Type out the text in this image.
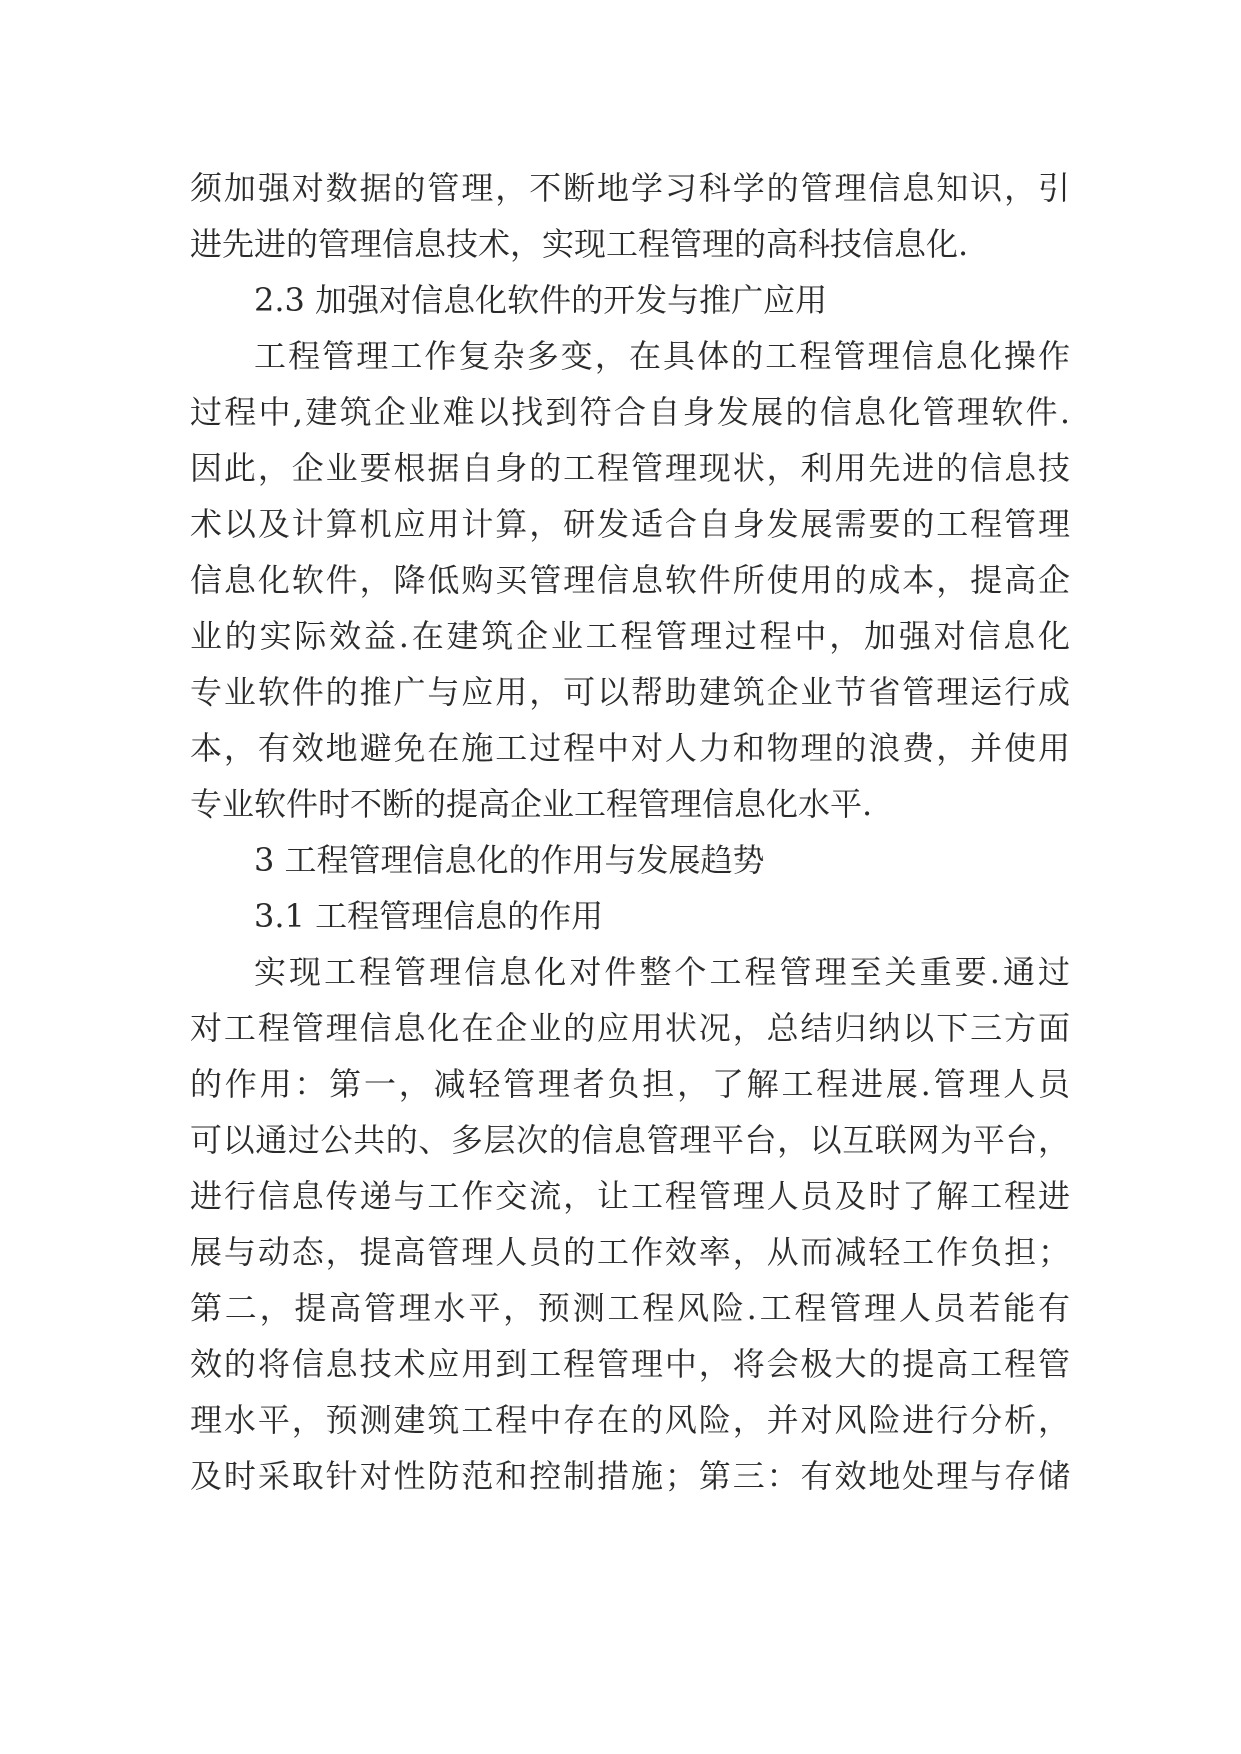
须加强对数据的管理，不断地学习科学的管理信息知识，引
进先进的管理信息技术，实现工程管理的高科技信息化.
2.3 加强对信息化软件的开发与推广应用
工程管理工作复杂多变，在具体的工程管理信息化操作
过程中,建筑企业难以找到符合自身发展的信息化管理软件.
因此，企业要根据自身的工程管理现状，利用先进的信息技
术以及计算机应用计算，研发适合自身发展需要的工程管理
信息化软件，降低购买管理信息软件所使用的成本，提高企
业的实际效益.在建筑企业工程管理过程中，加强对信息化
专业软件的推广与应用，可以帮助建筑企业节省管理运行成
本，有效地避免在施工过程中对人力和物理的浪费，并使用
专业软件时不断的提高企业工程管理信息化水平.
3 工程管理信息化的作用与发展趋势
3.1 工程管理信息的作用
实现工程管理信息化对件整个工程管理至关重要.通过
对工程管理信息化在企业的应用状况，总结归纳以下三方面
的作用：第一，减轻管理者负担，了解工程进展.管理人员
可以通过公共的、多层次的信息管理平台，以互联网为平台，
进行信息传递与工作交流，让工程管理人员及时了解工程进
展与动态，提高管理人员的工作效率，从而减轻工作负担；
第二，提高管理水平，预测工程风险.工程管理人员若能有
效的将信息技术应用到工程管理中，将会极大的提高工程管
理水平，预测建筑工程中存在的风险，并对风险进行分析，
及时采取针对性防范和控制措施；第三：有效地处理与存储
